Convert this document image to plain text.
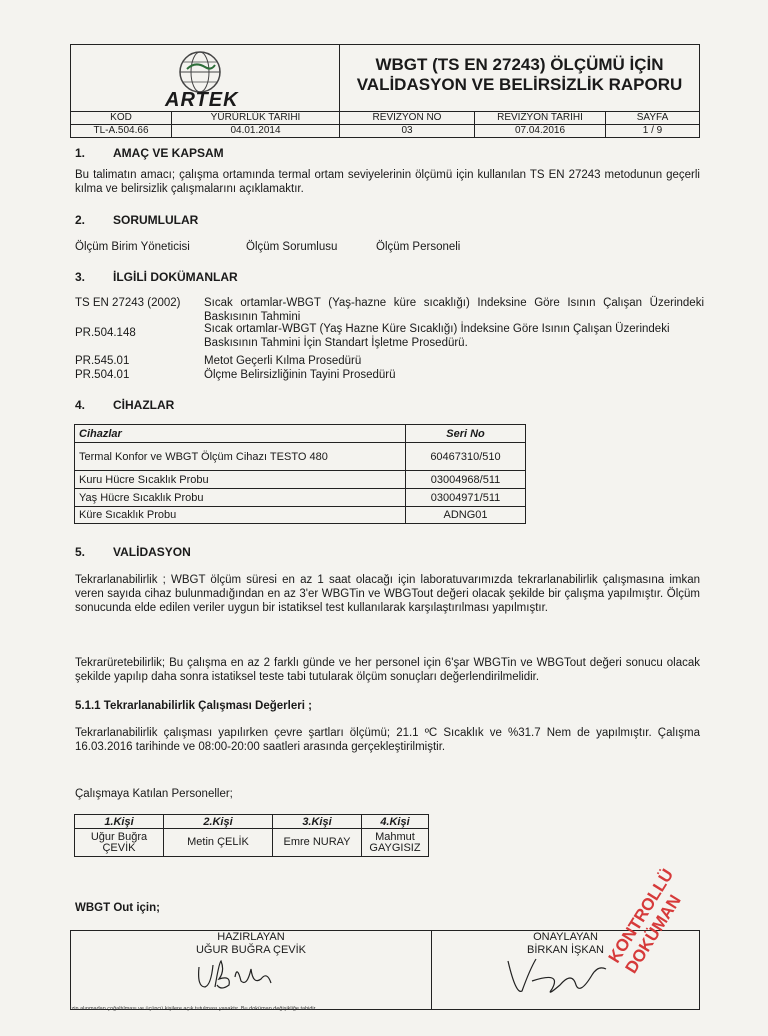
ARTEK
WBGT (TS EN 27243) ÖLÇÜMÜ İÇİN
VALİDASYON VE BELİRSİZLİK RAPORU
KOD	YÜRÜRLÜK TARİHİ	REVİZYON NO	REVİZYON TARİHİ	SAYFA
TL-A.504.66	04.01.2014	03	07.04.2016	1 / 9
1. AMAÇ VE KAPSAM
Bu talimatın amacı; çalışma ortamında termal ortam seviyelerinin ölçümü için kullanılan TS EN 27243 metodunun geçerli kılma ve belirsizlik çalışmalarını açıklamaktır.
2. SORUMLULAR
Ölçüm Birim Yöneticisi	Ölçüm Sorumlusu	Ölçüm Personeli
3. İLGİLİ DOKÜMANLAR
TS EN 27243 (2002) Sıcak ortamlar-WBGT (Yaş-hazne küre sıcaklığı) Indeksine Göre Isının Çalışan Üzerindeki Baskısının Tahmini
PR.504.148	Sıcak ortamlar-WBGT (Yaş Hazne Küre Sıcaklığı) İndeksine Göre Isının Çalışan Üzerindeki Baskısının Tahmini İçin Standart İşletme Prosedürü.
PR.545.01	Metot Geçerli Kılma Prosedürü
PR.504.01	Ölçme Belirsizliğinin Tayini Prosedürü
4. CİHAZLAR
Cihazlar	Seri No
Termal Konfor ve WBGT Ölçüm Cihazı TESTO 480	60467310/510
Kuru Hücre Sıcaklık Probu	03004968/511
Yaş Hücre Sıcaklık Probu	03004971/511
Küre Sıcaklık Probu	ADNG01
5. VALİDASYON
Tekrarlanabilirlik ; WBGT ölçüm süresi en az 1 saat olacağı için laboratuvarımızda tekrarlanabilirlik çalışmasına imkan veren sayıda cihaz bulunmadığından en az 3'er WBGTin ve WBGTout değeri olacak şekilde bir çalışma yapılmıştır. Ölçüm sonucunda elde edilen veriler uygun bir istatiksel test kullanılarak karşılaştırılması yapılmıştır.
Tekrarüretebilirlik; Bu çalışma en az 2 farklı günde ve her personel için 6'şar WBGTin ve WBGTout değeri sonucu olacak şekilde yapılıp daha sonra istatiksel teste tabi tutularak ölçüm sonuçları değerlendirilmelidir.
5.1.1 Tekrarlanabilirlik Çalışması Değerleri ;
Tekrarlanabilirlik çalışması yapılırken çevre şartları ölçümü; 21.1 ºC Sıcaklık ve %31.7 Nem de yapılmıştır. Çalışma 16.03.2016 tarihinde ve 08:00-20:00 saatleri arasında gerçekleştirilmiştir.
Çalışmaya Katılan Personeller;
1.Kişi	2.Kişi	3.Kişi	4.Kişi
Uğur Buğra ÇEVİK	Metin ÇELİK	Emre NURAY	Mahmut GAYGISIZ
WBGT Out için;
HAZIRLAYAN
UĞUR BUĞRA ÇEVİK
ONAYLAYAN
BİRKAN İŞKAN KONTROLLÜ DOKÜMAN
İzin alınmadan çoğaltılması ve üçüncü kişilere açık tutulması yasaktır. Bu doküman değişikliğe tabidir.
